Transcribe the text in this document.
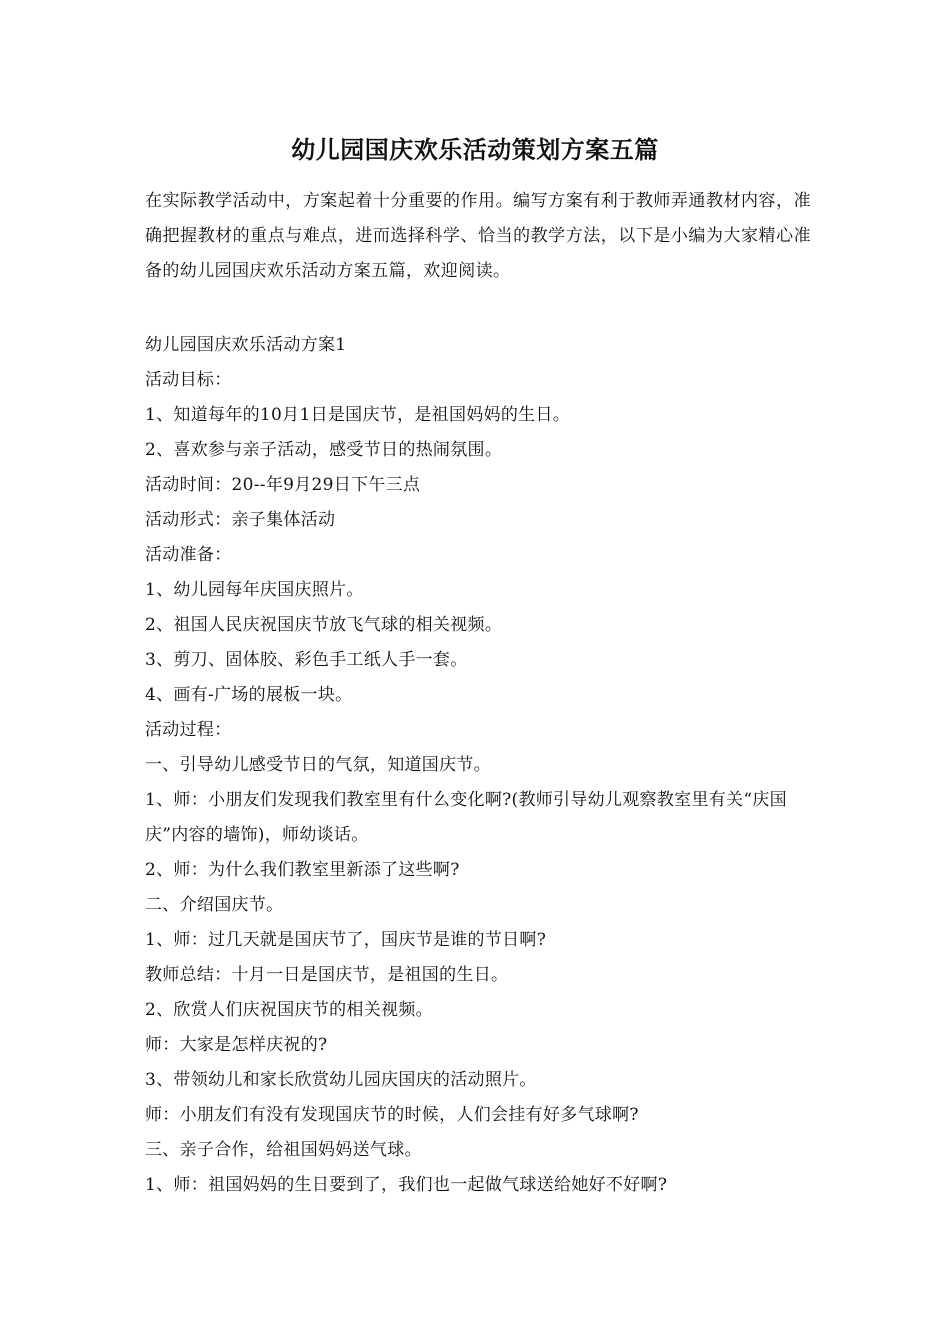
幼儿园国庆欢乐活动策划方案五篇
在实际教学活动中，方案起着十分重要的作用。编写方案有利于教师弄通教材内容，准确把握教材的重点与难点，进而选择科学、恰当的教学方法，以下是小编为大家精心准备的幼儿园国庆欢乐活动方案五篇，欢迎阅读。
幼儿园国庆欢乐活动方案1
活动目标：
1、知道每年的10月1日是国庆节，是祖国妈妈的生日。
2、喜欢参与亲子活动，感受节日的热闹氛围。
活动时间：20--年9月29日下午三点
活动形式：亲子集体活动
活动准备：
1、幼儿园每年庆国庆照片。
2、祖国人民庆祝国庆节放飞气球的相关视频。
3、剪刀、固体胶、彩色手工纸人手一套。
4、画有-广场的展板一块。
活动过程：
一、引导幼儿感受节日的气氛，知道国庆节。
1、师：小朋友们发现我们教室里有什么变化啊?(教师引导幼儿观察教室里有关“庆国庆”内容的墙饰)，师幼谈话。
2、师：为什么我们教室里新添了这些啊?
二、介绍国庆节。
1、师：过几天就是国庆节了，国庆节是谁的节日啊?
教师总结：十月一日是国庆节，是祖国的生日。
2、欣赏人们庆祝国庆节的相关视频。
师：大家是怎样庆祝的?
3、带领幼儿和家长欣赏幼儿园庆国庆的活动照片。
师：小朋友们有没有发现国庆节的时候，人们会挂有好多气球啊?
三、亲子合作，给祖国妈妈送气球。
1、师：祖国妈妈的生日要到了，我们也一起做气球送给她好不好啊?
